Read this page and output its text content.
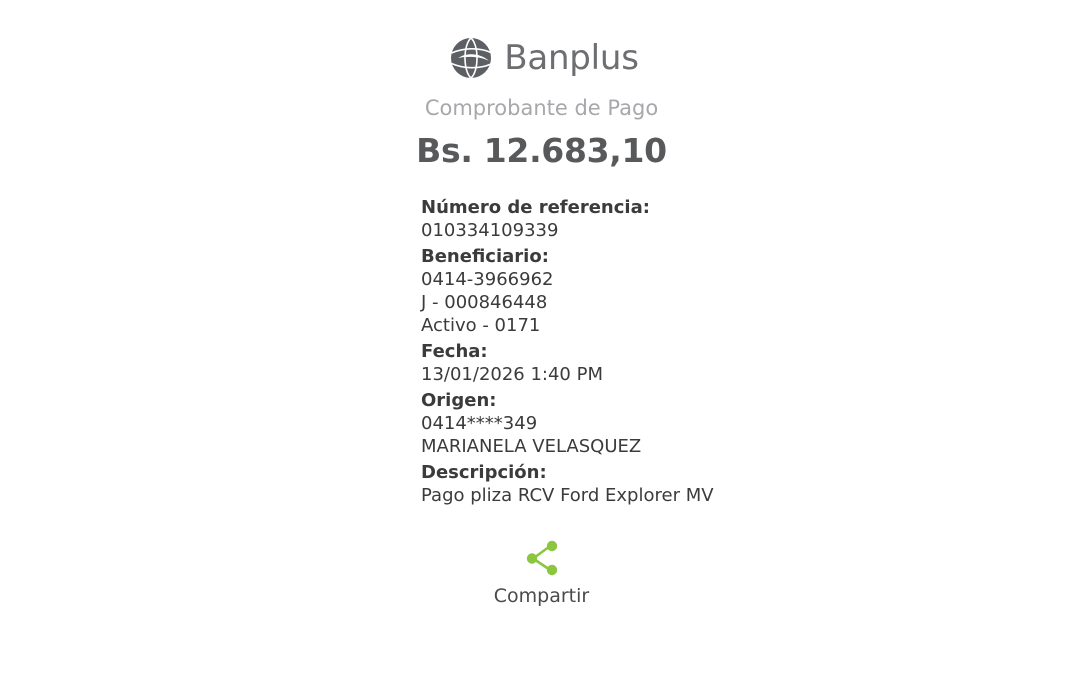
Banplus
Comprobante de Pago
Bs. 12.683,10
Número de referencia:
010334109339
Beneficiario:
0414-3966962
J - 000846448
Activo - 0171
Fecha:
13/01/2026 1:40 PM
Origen:
0414****349
MARIANELA VELASQUEZ
Descripción:
Pago pliza RCV Ford Explorer MV
Compartir
